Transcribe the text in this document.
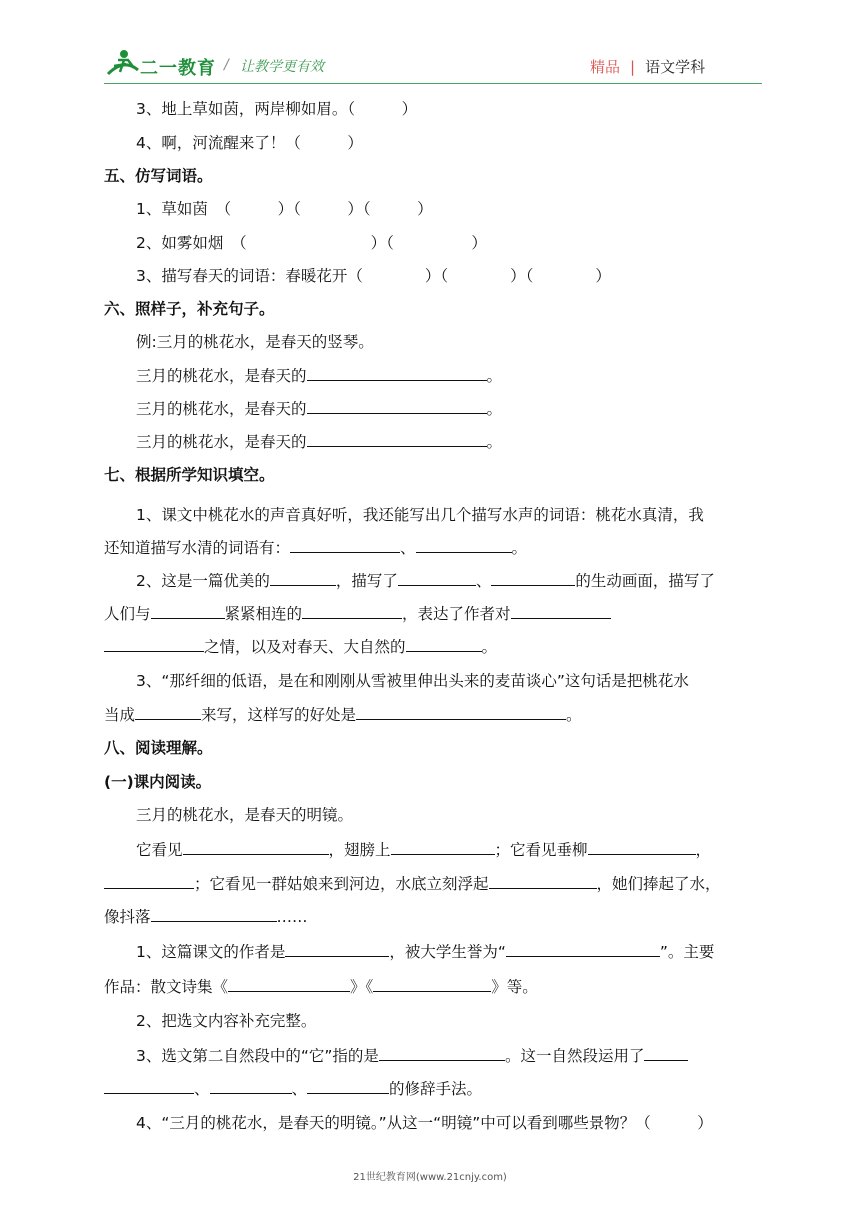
二一教育 / 让教学更有效	精品 | 语文学科
3、地上草如茵，两岸柳如眉。（　　　）
4、啊，河流醒来了！（　　　）
五、仿写词语。
1、草如茵　（　　　）（　　　）（　　　）
2、如雾如烟　（　　　　　　　　）（　　　　　）
3、描写春天的词语：春暖花开（　　　　）（　　　　）（　　　　）
六、照样子，补充句子。
例:三月的桃花水，是春天的竖琴。
三月的桃花水，是春天的	。
三月的桃花水，是春天的	。
三月的桃花水，是春天的	。
七、根据所学知识填空。
1、课文中桃花水的声音真好听，我还能写出几个描写水声的词语：桃花水真清，我
还知道描写水清的词语有：	、	。
2、这是一篇优美的	，描写了	、	的生动画面，描写了
人们与	紧紧相连的	，表达了作者对
之情，以及对春天、大自然的	。
3、“那纤细的低语，是在和刚刚从雪被里伸出头来的麦苗谈心”这句话是把桃花水
当成	来写，这样写的好处是	。
八、阅读理解。
(一)课内阅读。
三月的桃花水，是春天的明镜。
它看见	，翅膀上	；它看见垂柳	，
；它看见一群姑娘来到河边，水底立刻浮起	，她们捧起了水，
像抖落	……
1、这篇课文的作者是	，被大学生誉为“	”。主要
作品：散文诗集《	》《	》等。
2、把选文内容补充完整。
3、选文第二自然段中的“它”指的是	。这一自然段运用了
、	、	的修辞手法。
4、“三月的桃花水，是春天的明镜。”从这一“明镜”中可以看到哪些景物？（　　　）
21世纪教育网(www.21cnjy.com)
